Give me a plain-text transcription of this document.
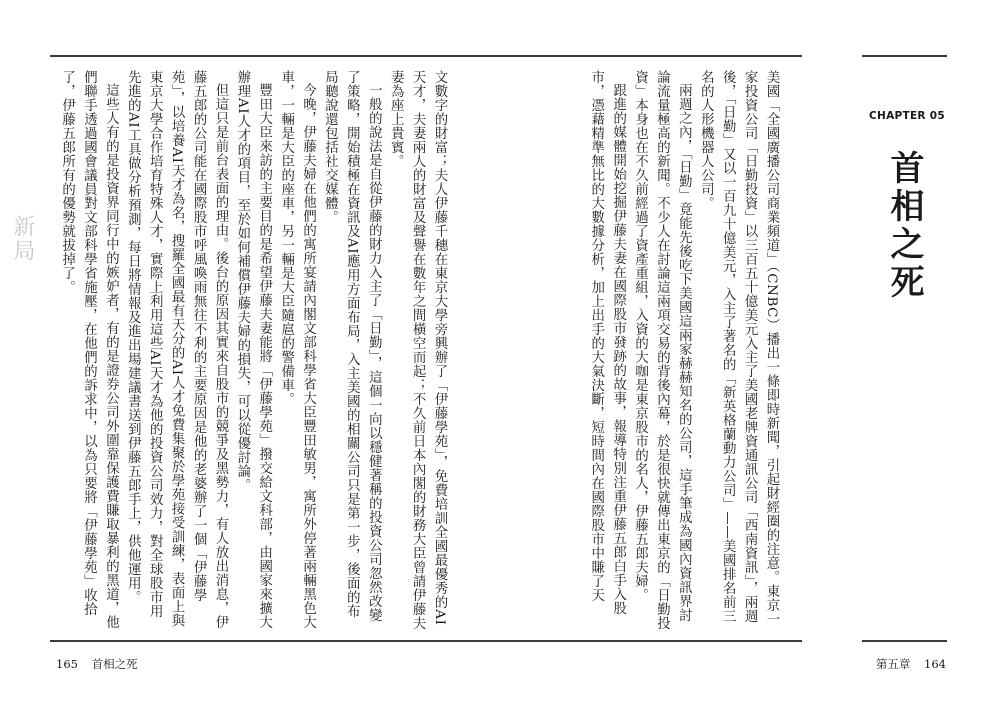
CHAPTER 05
首相之死
新局	美國「全國廣播公司商業頻道」（CNBC）播出一條即時新聞，引起財經圈的注意。東京一家投資公司「日勤投資」以三百五十億美元入主了美國老牌資通訊公司「西南資訊」，兩週後，「日勤」又以一百九十億美元，入主了著名的「新英格蘭動力公司」——美國排名前三名的人形機器人公司。

兩週之內，「日勤」竟能先後吃下美國這兩家赫赫知名的公司，這手筆成為國內資訊界討論流量極高的新聞。不少人在討論這兩項交易的背後內幕，於是很快就傳出東京的「日勤投資」本身也在不久前經過了資產重組，入資的大咖是東京股市的名人，伊藤五郎夫婦。

跟進的媒體開始挖掘伊藤夫妻在國際股市發跡的故事，報導特別注重伊藤五郎白手入股市，憑藉精準無比的大數據分析，加上出手的大氣決斷，短時間內在國際股市中賺了天

文數字的財富；夫人伊藤千穗在東京大學旁興辦了「伊藤學苑」，免費培訓全國最優秀的AI天才，夫妻兩人的財富及聲譽在數年之間橫空而起；不久前日本內閣的財務大臣曾請伊藤夫妻為座上貴賓。

一般的說法是自從伊藤的財力入主了「日勤」，這個一向以穩健著稱的投資公司忽然改變了策略，開始積極在資訊及AI應用方面布局，入主美國的相關公司只是第一步，後面的布局聽說還包括社交媒體。

今晚，伊藤夫婦在他們的寓所宴請內閣文部科學省大臣豐田敏男，寓所外停著兩輛黑色大車，一輛是大臣的座車，另一輛是大臣隨扈的警備車。

豐田大臣來訪的主要目的是希望伊藤夫妻能將「伊藤學苑」撥交給文科部，由國家來擴大辦理AI人才的項目，至於如何補償伊藤夫婦的損失，可以從優討論。

但這只是前台表面的理由。後台的原因其實來自股市的競爭及黑勢力，有人放出消息，伊藤五郎的公司能在國際股市呼風喚雨無往不利的主要原因是他的老婆辦了一個「伊藤學苑」，以培養AI天才為名，搜羅全國最有天分的AI人才免費集聚於學苑接受訓練，表面上與東京大學合作培育特殊人才，實際上利用這些AI天才為他的投資公司效力，對全球股市用先進的AI工具做分析預測，每日將情報及進出場建議書送到伊藤五郎手上，供他運用。

這些人有的是投資界同行中的嫉妒者，有的是證券公司外圍靠保護費賺取暴利的黑道，他們聯手透過國會議員對文部科學省施壓，在他們的訴求中，以為只要將「伊藤學苑」收拾了，伊藤五郎所有的優勢就拔掉了。

165 首相之死	第五章 164
